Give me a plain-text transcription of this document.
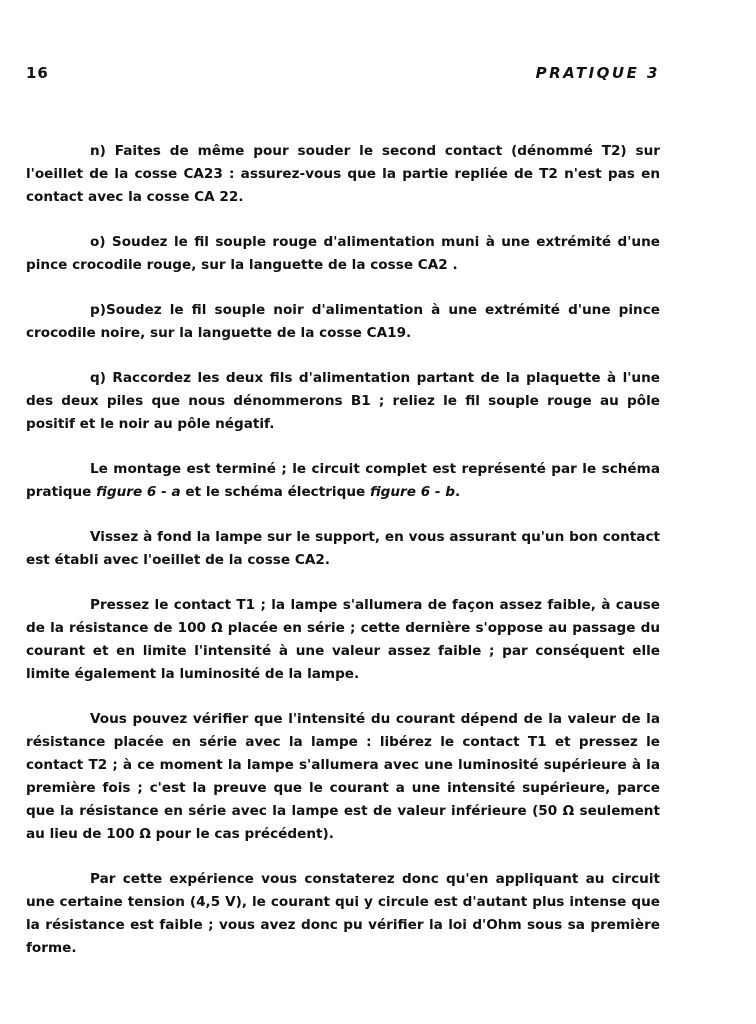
16	PRATIQUE 3

n) Faites de même pour souder le second contact (dénommé T2) sur l'oeillet de la cosse CA23 : assurez-vous que la partie repliée de T2 n'est pas en contact avec la cosse CA 22.

o) Soudez le fil souple rouge d'alimentation muni à une extrémité d'une pince crocodile rouge, sur la languette de la cosse CA2 .

p)Soudez le fil souple noir d'alimentation à une extrémité d'une pince crocodile noire, sur la languette de la cosse CA19.

q) Raccordez les deux fils d'alimentation partant de la plaquette à l'une des deux piles que nous dénommerons B1 ; reliez le fil souple rouge au pôle positif et le noir au pôle négatif.

Le montage est terminé ; le circuit complet est représenté par le schéma pratique figure 6 - a et le schéma électrique figure 6 - b.

Vissez à fond la lampe sur le support, en vous assurant qu'un bon contact est établi avec l'oeillet de la cosse CA2.

Pressez le contact T1 ; la lampe s'allumera de façon assez faible, à cause de la résistance de 100 Ω placée en série ; cette dernière s'oppose au passage du courant et en limite l'intensité à une valeur assez faible ; par conséquent elle limite également la luminosité de la lampe.

Vous pouvez vérifier que l'intensité du courant dépend de la valeur de la résistance placée en série avec la lampe : libérez le contact T1 et pressez le contact T2 ; à ce moment la lampe s'allumera avec une luminosité supérieure à la première fois ; c'est la preuve que le courant a une intensité supérieure, parce que la résistance en série avec la lampe est de valeur inférieure (50 Ω seulement au lieu de 100 Ω pour le cas précédent).

Par cette expérience vous constaterez donc qu'en appliquant au circuit une certaine tension (4,5 V), le courant qui y circule est d'autant plus intense que la résistance est faible ; vous avez donc pu vérifier la loi d'Ohm sous sa première forme.
